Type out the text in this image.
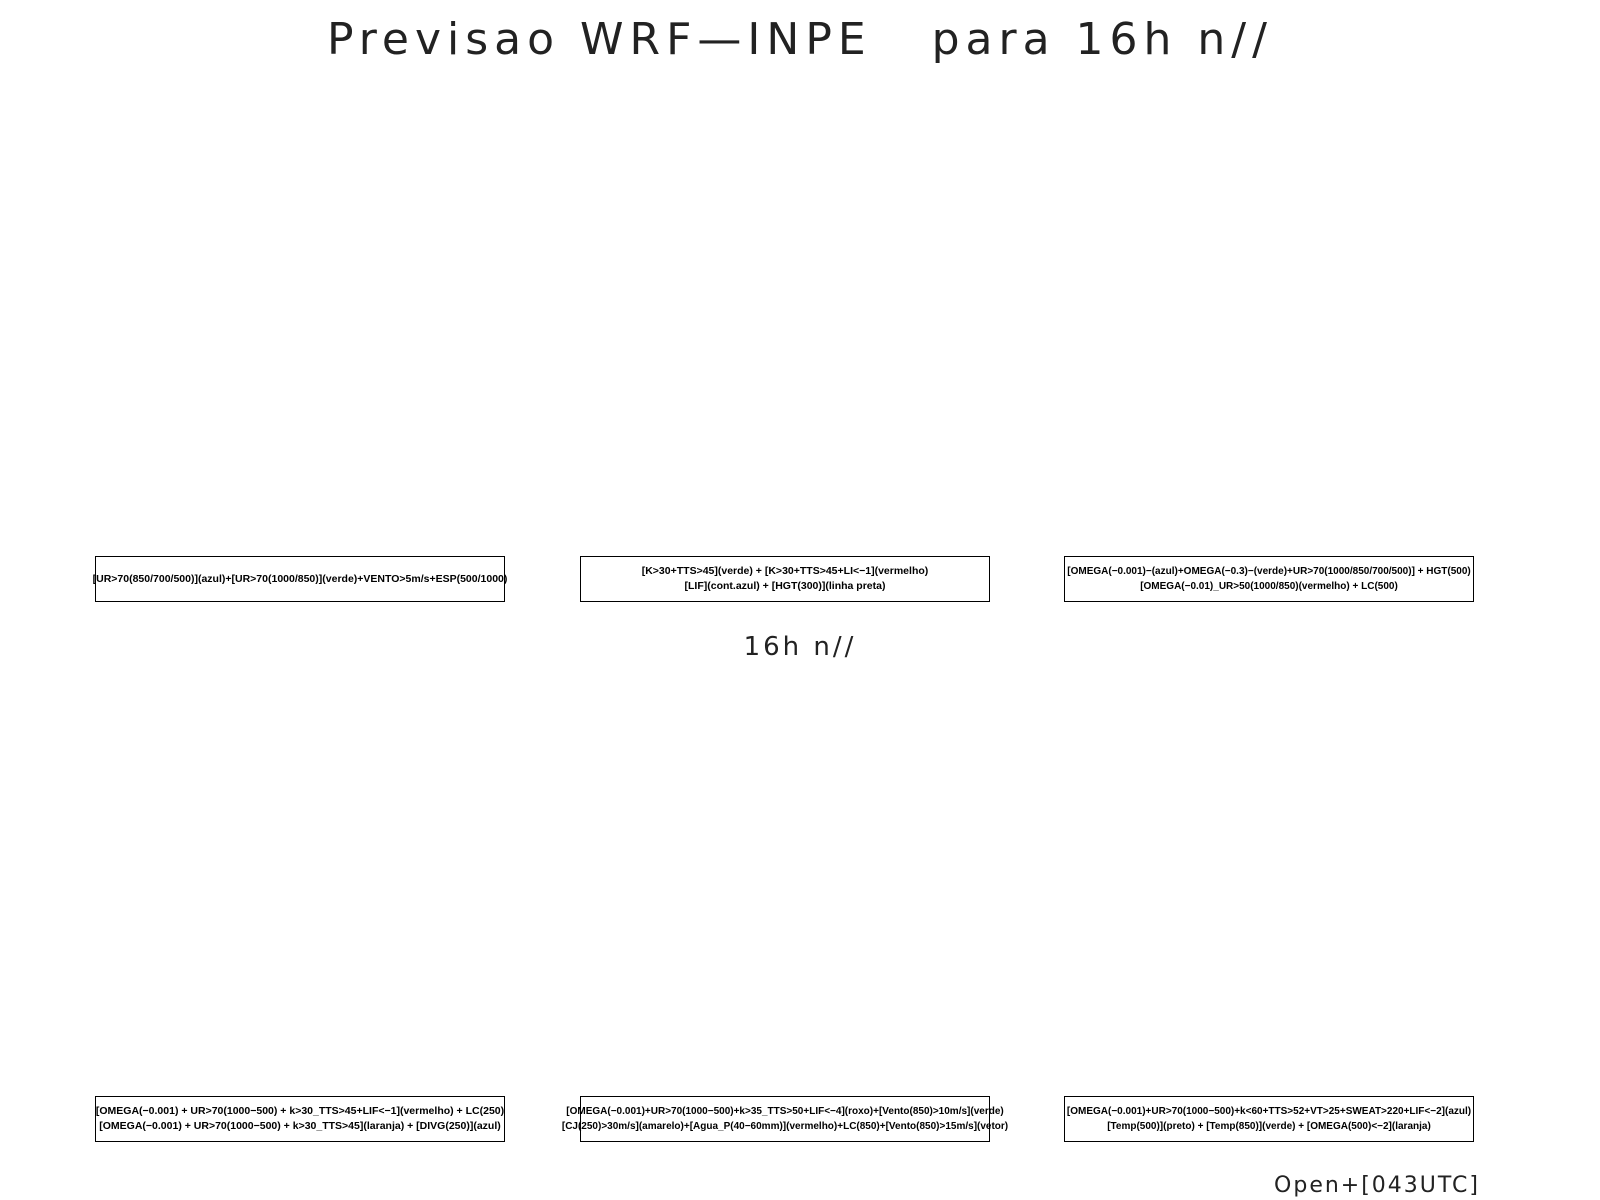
Previsao WRF—INPE   para 16h n//
[UR>70(850/700/500)](azul)+[UR>70(1000/850)](verde)+VENTO>5m/s+ESP(500/1000)
[K>30+TTS>45](verde) + [K>30+TTS>45+LI<−1](vermelho)
[LIF](cont.azul) + [HGT(300)](linha preta)
[OMEGA(−0.001)−(azul)+OMEGA(−0.3)−(verde)+UR>70(1000/850/700/500)] + HGT(500)
[OMEGA(−0.01)_UR>50(1000/850)(vermelho) + LC(500)
16h n//
[OMEGA(−0.001) + UR>70(1000−500) + k>30_TTS>45+LIF<−1](vermelho) + LC(250)
[OMEGA(−0.001) + UR>70(1000−500) + k>30_TTS>45](laranja) + [DIVG(250)](azul)
[OMEGA(−0.001)+UR>70(1000−500)+k>35_TTS>50+LIF<−4](roxo)+[Vento(850)>10m/s](verde)
[CJ(250)>30m/s](amarelo)+[Agua_P(40−60mm)](vermelho)+LC(850)+[Vento(850)>15m/s](vetor)
[OMEGA(−0.001)+UR>70(1000−500)+k<60+TTS>52+VT>25+SWEAT>220+LIF<−2](azul)
[Temp(500)](preto) + [Temp(850)](verde) + [OMEGA(500)<−2](laranja)
Open+[043UTC]
